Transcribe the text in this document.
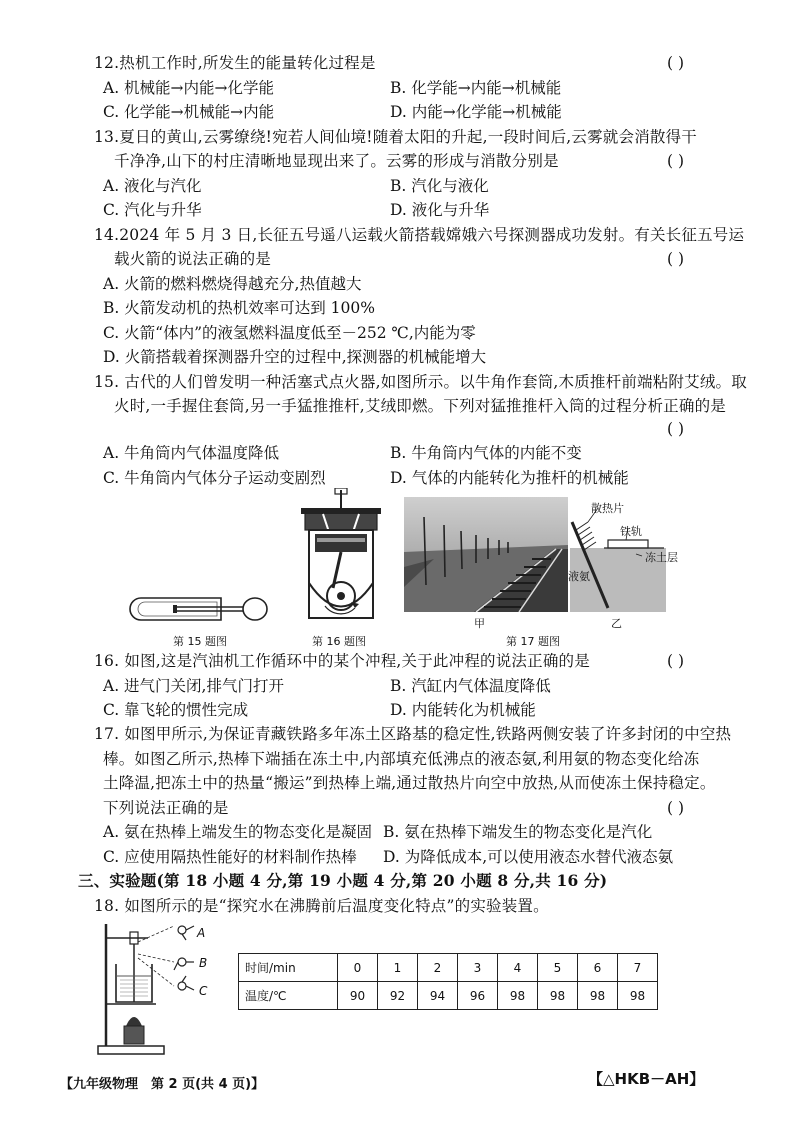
12.热机工作时,所发生的能量转化过程是	( )
A. 机械能→内能→化学能	B. 化学能→内能→机械能
C. 化学能→机械能→内能	D. 内能→化学能→机械能
13.夏日的黄山,云雾缭绕!宛若人间仙境!随着太阳的升起,一段时间后,云雾就会消散得干
千净净,山下的村庄清晰地显现出来了。云雾的形成与消散分别是	( )
A. 液化与汽化	B. 汽化与液化
C. 汽化与升华	D. 液化与升华
14.2024 年 5 月 3 日,长征五号遥八运载火箭搭载嫦娥六号探测器成功发射。有关长征五号运
载火箭的说法正确的是	( )
A. 火箭的燃料燃烧得越充分,热值越大
B. 火箭发动机的热机效率可达到 100%
C. 火箭“体内”的液氢燃料温度低至－252 ℃,内能为零
D. 火箭搭载着探测器升空的过程中,探测器的机械能增大
15. 古代的人们曾发明一种活塞式点火器,如图所示。以牛角作套筒,木质推杆前端粘附艾绒。取
火时,一手握住套筒,另一手猛推推杆,艾绒即燃。下列对猛推推杆入筒的过程分析正确的是
( )
A. 牛角筒内气体温度降低	B. 牛角筒内气体的内能不变
C. 牛角筒内气体分子运动变剧烈	D. 气体的内能转化为推杆的机械能
第 15 题图	第 16 题图
甲
散热片
铁轨
冻土层
液氨
乙
第 17 题图
16. 如图,这是汽油机工作循环中的某个冲程,关于此冲程的说法正确的是	( )
A. 进气门关闭,排气门打开	B. 汽缸内气体温度降低
C. 靠飞轮的惯性完成	D. 内能转化为机械能
17. 如图甲所示,为保证青藏铁路多年冻土区路基的稳定性,铁路两侧安装了许多封闭的中空热
棒。如图乙所示,热棒下端插在冻土中,内部填充低沸点的液态氨,利用氨的物态变化给冻
土降温,把冻土中的热量“搬运”到热棒上端,通过散热片向空中放热,从而使冻土保持稳定。
下列说法正确的是	( )
A. 氨在热棒上端发生的物态变化是凝固 B. 氨在热棒下端发生的物态变化是汽化
C. 应使用隔热性能好的材料制作热棒 D. 为降低成本,可以使用液态水替代液态氨
三、实验题(第 18 小题 4 分,第 19 小题 4 分,第 20 小题 8 分,共 16 分)
18. 如图所示的是“探究水在沸腾前后温度变化特点”的实验装置。
A
B
C
时间/min	0	1	2	3	4	5	6	7
温度/℃	90	92	94	96	98	98	98	98
【九年级物理　第 2 页(共 4 页)】	【△HKB－AH】
